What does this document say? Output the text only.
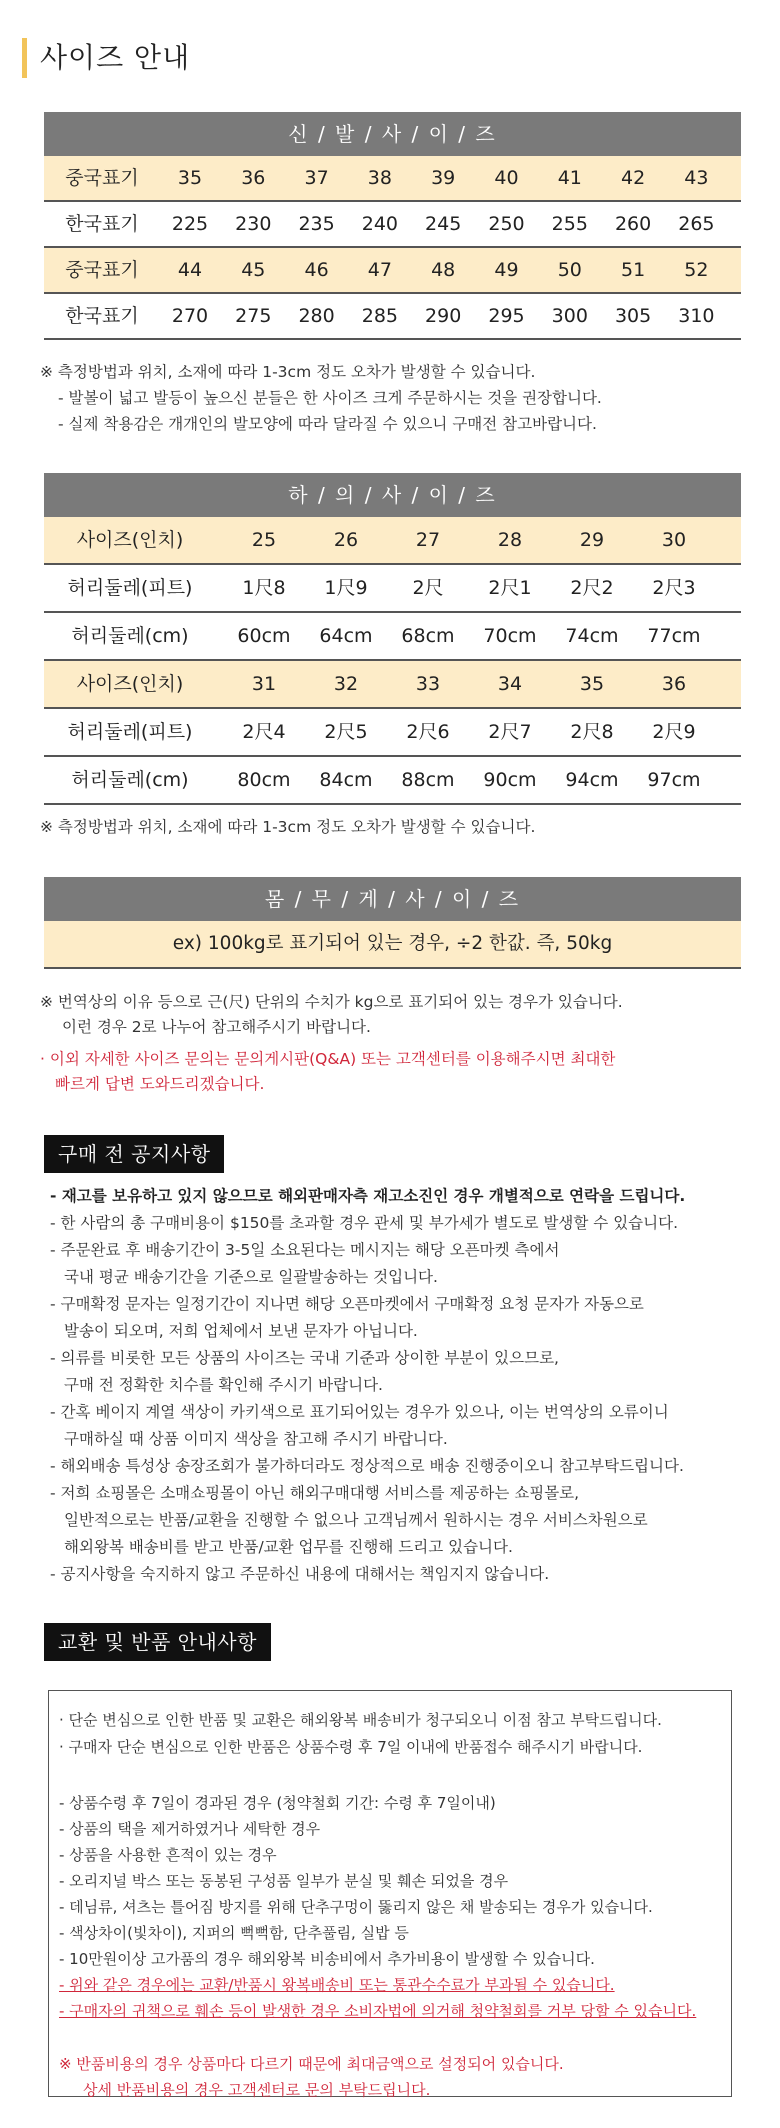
사이즈 안내
신 / 발 / 사 / 이 / 즈
중국표기	35	36	37	38	39	40	41	42	43
한국표기	225	230	235	240	245	250	255	260	265
중국표기	44	45	46	47	48	49	50	51	52
한국표기	270	275	280	285	290	295	300	305	310
※ 측정방법과 위치, 소재에 따라 1-3cm 정도 오차가 발생할 수 있습니다.
- 발볼이 넓고 발등이 높으신 분들은 한 사이즈 크게 주문하시는 것을 권장합니다.
- 실제 착용감은 개개인의 발모양에 따라 달라질 수 있으니 구매전 참고바랍니다.
하 / 의 / 사 / 이 / 즈
사이즈(인치)	25	26	27	28	29	30
허리둘레(피트)	1尺8	1尺9	2尺	2尺1	2尺2	2尺3
허리둘레(cm)	60cm	64cm	68cm	70cm	74cm	77cm
사이즈(인치)	31	32	33	34	35	36
허리둘레(피트)	2尺4	2尺5	2尺6	2尺7	2尺8	2尺9
허리둘레(cm)	80cm	84cm	88cm	90cm	94cm	97cm
※ 측정방법과 위치, 소재에 따라 1-3cm 정도 오차가 발생할 수 있습니다.
몸 / 무 / 게 / 사 / 이 / 즈
ex) 100kg로 표기되어 있는 경우, ÷2 한값. 즉, 50kg
※ 번역상의 이유 등으로 근(尺) 단위의 수치가 kg으로 표기되어 있는 경우가 있습니다.
이런 경우 2로 나누어 참고해주시기 바랍니다.
· 이외 자세한 사이즈 문의는 문의게시판(Q&A) 또는 고객센터를 이용해주시면 최대한
빠르게 답변 도와드리겠습니다.
구매 전 공지사항
- 재고를 보유하고 있지 않으므로 해외판매자측 재고소진인 경우 개별적으로 연락을 드립니다.
- 한 사람의 총 구매비용이 $150를 초과할 경우 관세 및 부가세가 별도로 발생할 수 있습니다.
- 주문완료 후 배송기간이 3-5일 소요된다는 메시지는 해당 오픈마켓 측에서
국내 평균 배송기간을 기준으로 일괄발송하는 것입니다.
- 구매확정 문자는 일정기간이 지나면 해당 오픈마켓에서 구매확정 요청 문자가 자동으로
발송이 되오며, 저희 업체에서 보낸 문자가 아닙니다.
- 의류를 비롯한 모든 상품의 사이즈는 국내 기준과 상이한 부분이 있으므로,
구매 전 정확한 치수를 확인해 주시기 바랍니다.
- 간혹 베이지 계열 색상이 카키색으로 표기되어있는 경우가 있으나, 이는 번역상의 오류이니
구매하실 때 상품 이미지 색상을 참고해 주시기 바랍니다.
- 해외배송 특성상 송장조회가 불가하더라도 정상적으로 배송 진행중이오니 참고부탁드립니다.
- 저희 쇼핑몰은 소매쇼핑몰이 아닌 해외구매대행 서비스를 제공하는 쇼핑몰로,
일반적으로는 반품/교환을 진행할 수 없으나 고객님께서 원하시는 경우 서비스차원으로
해외왕복 배송비를 받고 반품/교환 업무를 진행해 드리고 있습니다.
- 공지사항을 숙지하지 않고 주문하신 내용에 대해서는 책임지지 않습니다.
교환 및 반품 안내사항
· 단순 변심으로 인한 반품 및 교환은 해외왕복 배송비가 청구되오니 이점 참고 부탁드립니다.
· 구매자 단순 변심으로 인한 반품은 상품수령 후 7일 이내에 반품접수 해주시기 바랍니다.
- 상품수령 후 7일이 경과된 경우 (청약철회 기간: 수령 후 7일이내)
- 상품의 택을 제거하였거나 세탁한 경우
- 상품을 사용한 흔적이 있는 경우
- 오리지널 박스 또는 동봉된 구성품 일부가 분실 및 훼손 되었을 경우
- 데님류, 셔츠는 틀어짐 방지를 위해 단추구멍이 뚫리지 않은 채 발송되는 경우가 있습니다.
- 색상차이(빛차이), 지퍼의 뻑뻑함, 단추풀림, 실밥 등
- 10만원이상 고가품의 경우 해외왕복 비송비에서 추가비용이 발생할 수 있습니다.
- 위와 같은 경우에는 교환/반품시 왕복배송비 또는 통관수수료가 부과될 수 있습니다.
- 구매자의 귀책으로 훼손 등이 발생한 경우 소비자법에 의거해 청약철회를 거부 당할 수 있습니다.
※ 반품비용의 경우 상품마다 다르기 때문에 최대금액으로 설정되어 있습니다.
상세 반품비용의 경우 고객센터로 문의 부탁드립니다.
